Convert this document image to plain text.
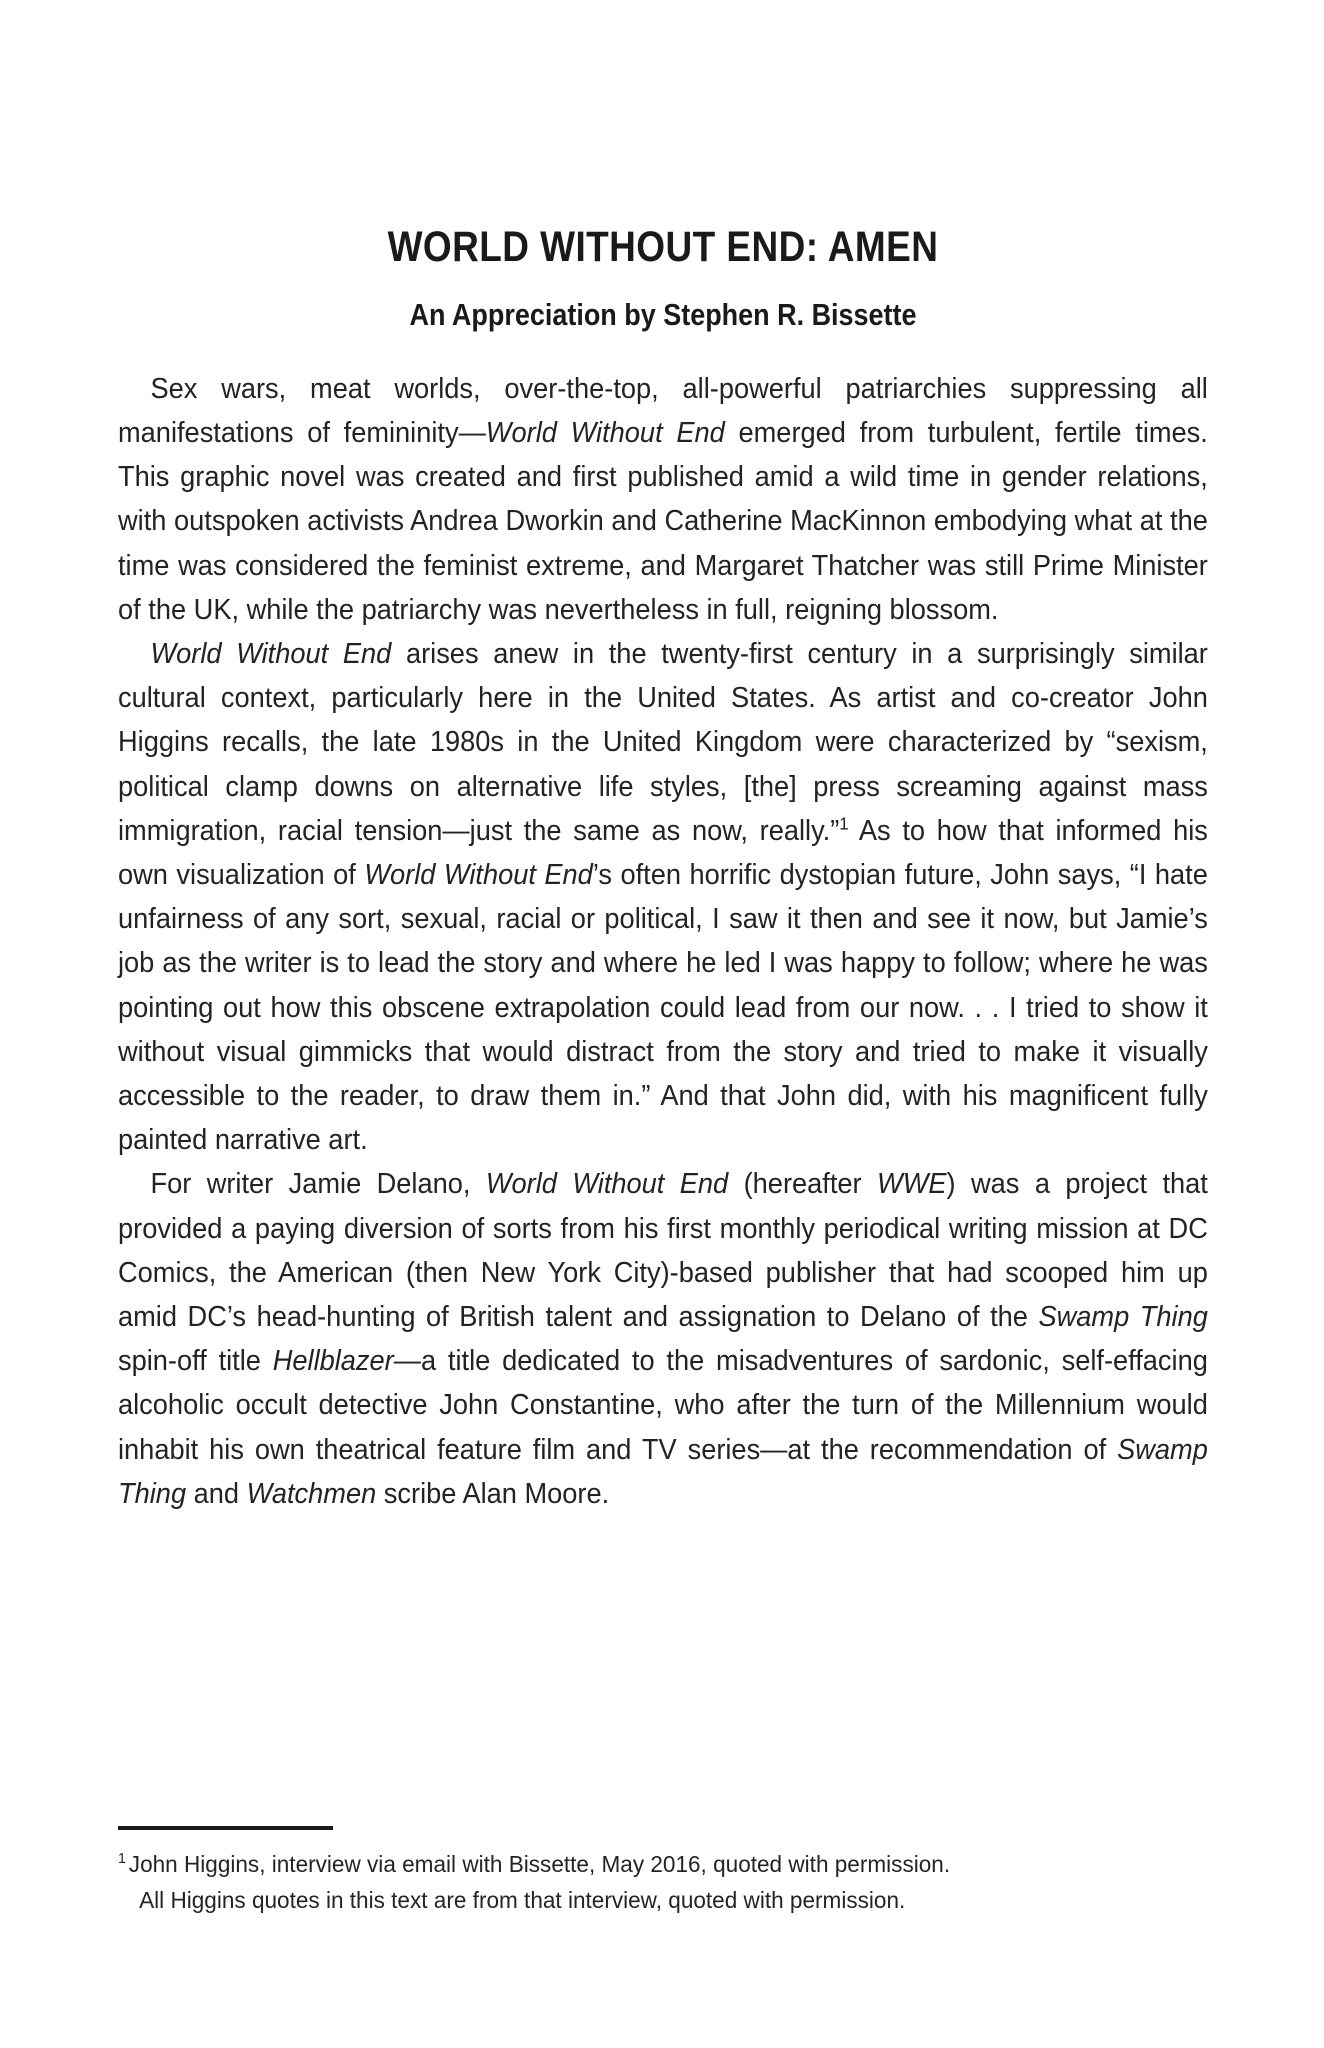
WORLD WITHOUT END: AMEN
An Appreciation by Stephen R. Bissette

Sex wars, meat worlds, over-the-top, all-powerful patriarchies suppressing all manifestations of femininity—World Without End emerged from turbulent, fertile times. This graphic novel was created and first published amid a wild time in gender relations, with outspoken activists Andrea Dworkin and Catherine MacKinnon embodying what at the time was considered the feminist extreme, and Margaret Thatcher was still Prime Minister of the UK, while the patriarchy was nevertheless in full, reigning blossom.

World Without End arises anew in the twenty-first century in a surprisingly similar cultural context, particularly here in the United States. As artist and co-creator John Higgins recalls, the late 1980s in the United Kingdom were characterized by “sexism, political clamp downs on alternative life styles, [the] press screaming against mass immigration, racial tension—just the same as now, really.”$^1$ As to how that informed his own visualization of World Without End’s often horrific dystopian future, John says, “I hate unfairness of any sort, sexual, racial or political, I saw it then and see it now, but Jamie’s job as the writer is to lead the story and where he led I was happy to follow; where he was pointing out how this obscene extrapolation could lead from our now. . . I tried to show it without visual gimmicks that would distract from the story and tried to make it visually accessible to the reader, to draw them in.” And that John did, with his magnificent fully painted narrative art.

For writer Jamie Delano, World Without End (hereafter WWE) was a project that provided a paying diversion of sorts from his first monthly periodical writing mission at DC Comics, the American (then New York City)-based publisher that had scooped him up amid DC’s head-hunting of British talent and assignation to Delano of the Swamp Thing spin-off title Hellblazer—a title dedicated to the misadventures of sardonic, self-effacing alcoholic occult detective John Constantine, who after the turn of the Millennium would inhabit his own theatrical feature film and TV series—at the recommendation of Swamp Thing and Watchmen scribe Alan Moore.

$^1$ John Higgins, interview via email with Bissette, May 2016, quoted with permission.

All Higgins quotes in this text are from that interview, quoted with permission.
